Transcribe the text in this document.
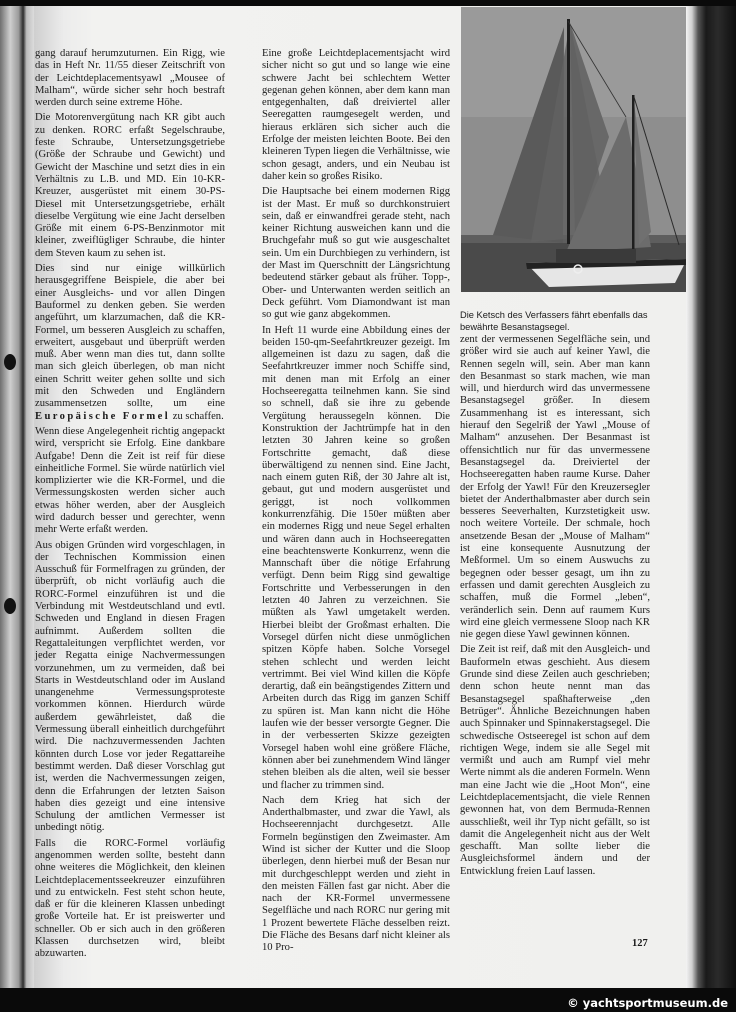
gang darauf herumzuturnen. Ein Rigg, wie das in Heft Nr. 11/55 dieser Zeitschrift von der Leichtdeplacementsyawl „Mousee of Malham“, würde sicher sehr hoch bestraft werden durch seine extreme Höhe.

Die Motorenvergütung nach KR gibt auch zu denken. RORC erfaßt Segelschraube, feste Schraube, Untersetzungsgetriebe (Größe der Schraube und Gewicht) und Gewicht der Maschine und setzt dies in ein Verhältnis zu L.B. und MD. Ein 10-KR-Kreuzer, ausgerüstet mit einem 30-PS-Diesel mit Untersetzungsgetriebe, erhält dieselbe Vergütung wie eine Jacht derselben Größe mit einem 6-PS-Benzinmotor mit kleiner, zweiflügliger Schraube, die hinter dem Steven kaum zu sehen ist.

Dies sind nur einige willkürlich herausgegriffene Beispiele, die aber bei einer Ausgleichs- und vor allen Dingen Bauformel zu denken geben. Sie werden angeführt, um klarzumachen, daß die KR-Formel, um besseren Ausgleich zu schaffen, erweitert, ausgebaut und überprüft werden muß. Aber wenn man dies tut, dann sollte man sich gleich überlegen, ob man nicht einen Schritt weiter gehen sollte und sich mit den Schweden und Engländern zusammensetzen sollte, um eine Europäische Formel zu schaffen.

Wenn diese Angelegenheit richtig angepackt wird, verspricht sie Erfolg. Eine dankbare Aufgabe! Denn die Zeit ist reif für diese einheitliche Formel. Sie würde natürlich viel komplizierter wie die KR-Formel, und die Vermessungskosten werden sicher auch etwas höher werden, aber der Ausgleich wird dadurch besser und gerechter, wenn mehr Werte erfaßt werden.

Aus obigen Gründen wird vorgeschlagen, in der Technischen Kommission einen Ausschuß für Formelfragen zu gründen, der überprüft, ob nicht vorläufig auch die RORC-Formel einzuführen ist und die Verbindung mit Westdeutschland und evtl. Schweden und England in diesen Fragen aufnimmt. Außerdem sollten die Regattaleitungen verpflichtet werden, vor jeder Regatta einige Nachvermessungen vorzunehmen, um zu vermeiden, daß bei Starts in Westdeutschland oder im Ausland unangenehme Vermessungsproteste vorkommen können. Hierdurch würde außerdem gewährleistet, daß die Vermessung überall einheitlich durchgeführt wird. Die nachzuvermessenden Jachten könnten durch Lose vor jeder Regattareihe bestimmt werden. Daß dieser Vorschlag gut ist, werden die Nachvermessungen zeigen, denn die Erfahrungen der letzten Saison haben dies gezeigt und eine intensive Schulung der amtlichen Vermesser ist unbedingt nötig.

Falls die RORC-Formel vorläufig angenommen werden sollte, besteht dann ohne weiteres die Möglichkeit, den kleinen Leichtdeplacementsseekreuzer einzuführen und zu entwickeln. Fest steht schon heute, daß er für die kleineren Klassen unbedingt große Vorteile hat. Er ist preiswerter und schneller. Ob er sich auch in den größeren Klassen durchsetzen wird, bleibt abzuwarten.

Eine große Leichtdeplacementsjacht wird sicher nicht so gut und so lange wie eine schwere Jacht bei schlechtem Wetter gegenan gehen können, aber dem kann man entgegenhalten, daß dreiviertel aller Seeregatten raumgesegelt werden, und hieraus erklären sich sicher auch die Erfolge der meisten leichten Boote. Bei den kleineren Typen liegen die Verhältnisse, wie schon gesagt, anders, und ein Neubau ist daher kein so großes Risiko.

Die Hauptsache bei einem modernen Rigg ist der Mast. Er muß so durchkonstruiert sein, daß er einwandfrei gerade steht, nach keiner Richtung ausweichen kann und die Bruchgefahr muß so gut wie ausgeschaltet sein. Um ein Durchbiegen zu verhindern, ist der Mast im Querschnitt der Längsrichtung bedeutend stärker gebaut als früher. Topp-, Ober- und Unterwanten werden seitlich an Deck geführt. Vom Diamondwant ist man so gut wie ganz abgekommen.

In Heft 11 wurde eine Abbildung eines der beiden 150-qm-Seefahrtkreuzer gezeigt. Im allgemeinen ist dazu zu sagen, daß die Seefahrtkreuzer immer noch Schiffe sind, mit denen man mit Erfolg an einer Hochseeregatta teilnehmen kann. Sie sind so schnell, daß sie ihre zu gebende Vergütung heraussegeln können. Die Konstruktion der Jachtrümpfe hat in den letzten 30 Jahren keine so großen Fortschritte gemacht, daß diese überwältigend zu nennen sind. Eine Jacht, nach einem guten Riß, der 30 Jahre alt ist, gebaut, gut und modern ausgerüstet und geriggt, ist noch vollkommen konkurrenzfähig. Die 150er müßten aber ein modernes Rigg und neue Segel erhalten und wären dann auch in Hochseeregatten eine beachtenswerte Konkurrenz, wenn die Mannschaft über die nötige Erfahrung verfügt. Denn beim Rigg sind gewaltige Fortschritte und Verbesserungen in den letzten 40 Jahren zu verzeichnen. Sie müßten als Yawl umgetakelt werden. Hierbei bleibt der Großmast erhalten. Die Vorsegel dürfen nicht diese unmöglichen spitzen Köpfe haben. Solche Vorsegel stehen schlecht und werden leicht vertrimmt. Bei viel Wind killen die Köpfe derartig, daß ein beängstigendes Zittern und Arbeiten durch das Rigg im ganzen Schiff zu spüren ist. Man kann nicht die Höhe laufen wie der besser versorgte Gegner. Die in der verbesserten Skizze gezeigten Vorsegel haben wohl eine größere Fläche, können aber bei zunehmendem Wind länger stehen bleiben als die alten, weil sie besser und flacher zu trimmen sind.

Nach dem Krieg hat sich der Anderthalbmaster, und zwar die Yawl, als Hochseerennjacht durchgesetzt. Alle Formeln begünstigen den Zweimaster. Am Wind ist sicher der Kutter und die Sloop überlegen, denn hierbei muß der Besan nur mit durchgeschleppt werden und zieht in den meisten Fällen fast gar nicht. Aber die nach der KR-Formel unvermessene Segelfläche und nach RORC nur gering mit 1 Prozent bewertete Fläche desselben reizt. Die Fläche des Besans darf nicht kleiner als 10 Pro-

Die Ketsch des Verfassers fährt ebenfalls das bewährte Besanstagsegel.

zent der vermessenen Segelfläche sein, und größer wird sie auch auf keiner Yawl, die Rennen segeln will, sein. Aber man kann den Besanmast so stark machen, wie man will, und hierdurch wird das unvermessene Besanstagsegel größer. In diesem Zusammenhang ist es interessant, sich hierauf den Segelriß der Yawl „Mouse of Malham“ anzusehen. Der Besanmast ist offensichtlich nur für das unvermessene Besanstagsegel da. Dreiviertel der Hochseeregatten haben raume Kurse. Daher der Erfolg der Yawl! Für den Kreuzersegler bietet der Anderthalbmaster aber durch sein besseres Seeverhalten, Kurzstetigkeit usw. noch weitere Vorteile. Der schmale, hoch ansetzende Besan der „Mouse of Malham“ ist eine konsequente Ausnutzung der Meßformel. Um so einem Auswuchs zu begegnen oder besser gesagt, um ihn zu erfassen und damit gerechten Ausgleich zu schaffen, muß die Formel „leben“, veränderlich sein. Denn auf raumem Kurs wird eine gleich vermessene Sloop nach KR nie gegen diese Yawl gewinnen können.

Die Zeit ist reif, daß mit den Ausgleich- und Bauformeln etwas geschieht. Aus diesem Grunde sind diese Zeilen auch geschrieben; denn schon heute nennt man das Besanstagsegel spaßhafterweise „den Betrüger“. Ähnliche Bezeichnungen haben auch Spinnaker und Spinnakerstagsegel. Die schwedische Ostseeregel ist schon auf dem richtigen Wege, indem sie alle Segel mit vermißt und auch am Rumpf viel mehr Werte nimmt als die anderen Formeln. Wenn man eine Jacht wie die „Hoot Mon“, eine Leichtdeplacementsjacht, die viele Rennen gewonnen hat, von dem Bermuda-Rennen ausschließt, weil ihr Typ nicht gefällt, so ist damit die Angelegenheit nicht aus der Welt geschafft. Man sollte lieber die Ausgleichsformel ändern und der Entwicklung freien Lauf lassen.

127
© yachtsportmuseum.de
